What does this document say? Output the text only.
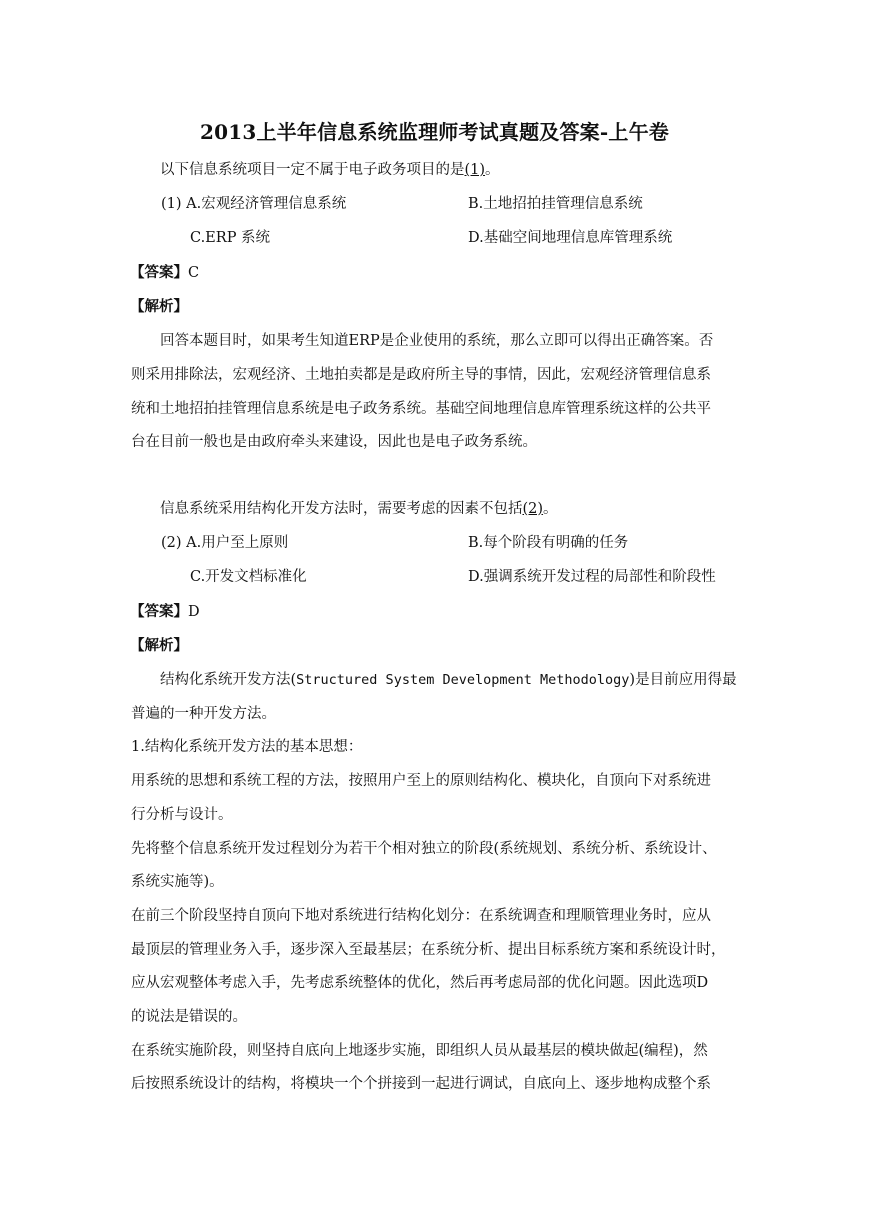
2013上半年信息系统监理师考试真题及答案-上午卷

以下信息系统项目一定不属于电子政务项目的是(1)。

(1) A.宏观经济管理信息系统	B.土地招拍挂管理信息系统
C.ERP 系统	D.基础空间地理信息库管理系统

【答案】C

【解析】

回答本题目时，如果考生知道ERP是企业使用的系统，那么立即可以得出正确答案。否

则采用排除法，宏观经济、土地拍卖都是是政府所主导的事情，因此，宏观经济管理信息系

统和土地招拍挂管理信息系统是电子政务系统。基础空间地理信息库管理系统这样的公共平

台在目前一般也是由政府牵头来建设，因此也是电子政务系统。

信息系统采用结构化开发方法时，需要考虑的因素不包括(2)。

(2) A.用户至上原则	B.每个阶段有明确的任务
C.开发文档标准化	D.强调系统开发过程的局部性和阶段性

【答案】D

【解析】

结构化系统开发方法(Structured System Development Methodology)是目前应用得最

普遍的一种开发方法。

1.结构化系统开发方法的基本思想：

用系统的思想和系统工程的方法，按照用户至上的原则结构化、模块化，自顶向下对系统进

行分析与设计。

先将整个信息系统开发过程划分为若干个相对独立的阶段(系统规划、系统分析、系统设计、

系统实施等)。

在前三个阶段坚持自顶向下地对系统进行结构化划分：在系统调查和理顺管理业务时，应从

最顶层的管理业务入手，逐步深入至最基层；在系统分析、提出目标系统方案和系统设计时，

应从宏观整体考虑入手，先考虑系统整体的优化，然后再考虑局部的优化问题。因此选项D

的说法是错误的。

在系统实施阶段，则坚持自底向上地逐步实施，即组织人员从最基层的模块做起(编程)，然

后按照系统设计的结构，将模块一个个拼接到一起进行调试，自底向上、逐步地构成整个系
